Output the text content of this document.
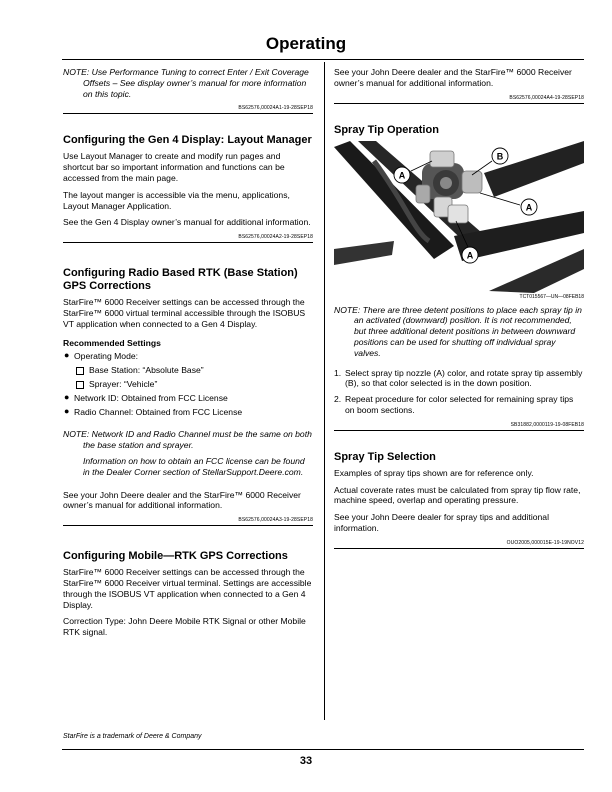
Operating

NOTE: Use Performance Tuning to correct Enter / Exit Coverage Offsets – See display owner’s manual for more information on this topic.

BS62576,00024A1-19-28SEP18
Configuring the Gen 4 Display: Layout Manager

Use Layout Manager to create and modify run pages and shortcut bar so important information and functions can be accessed from the main page.

The layout manger is accessible via the menu, applications, Layout Manager Application.

See the Gen 4 Display owner’s manual for additional information.

BS62576,00024A2-19-28SEP18
Configuring Radio Based RTK (Base Station) GPS Corrections

StarFire™ 6000 Receiver settings can be accessed through the StarFire™ 6000 virtual terminal accessible through the ISOBUS VT application when connected to a Gen 4 Display.

Recommended Settings
● Operating Mode:
Base Station: “Absolute Base”
Sprayer: “Vehicle”
● Network ID: Obtained from FCC License
● Radio Channel: Obtained from FCC License

NOTE: Network ID and Radio Channel must be the same on both the base station and sprayer.

Information on how to obtain an FCC license can be found in the Dealer Corner section of StellarSupport.Deere.com.

See your John Deere dealer and the StarFire™ 6000 Receiver owner’s manual for additional information.

BS62576,00024A3-19-28SEP18
Configuring Mobile—RTK GPS Corrections

StarFire™ 6000 Receiver settings can be accessed through the StarFire™ 6000 Receiver virtual terminal. Settings are accessible through the ISOBUS VT application when connected to a Gen 4 Display.

Correction Type: John Deere Mobile RTK Signal or other Mobile RTK signal.

See your John Deere dealer and the StarFire™ 6000 Receiver owner’s manual for additional information.

BS62576,00024A4-19-28SEP18
Spray Tip Operation
A
B
A
A
TCT015567—UN—08FEB18

NOTE: There are three detent positions to place each spray tip in an activated (downward) position. It is not recommended, but three additional detent positions in between downward positions can be used for shutting off individual spray valves.

1. Select spray tip nozzle (A) color, and rotate spray tip assembly (B), so that color selected is in the down position.
2. Repeat procedure for color selected for remaining spray tips on boom sections.
SB31882,0000119-19-08FEB18
Spray Tip Selection

Examples of spray tips shown are for reference only.

Actual coverate rates must be calculated from spray tip flow rate, machine speed, overlap and operating pressure.

See your John Deere dealer for spray tips and additional information.

OUO2005,000015E-19-19NOV12
StarFire is a trademark of Deere & Company
33
